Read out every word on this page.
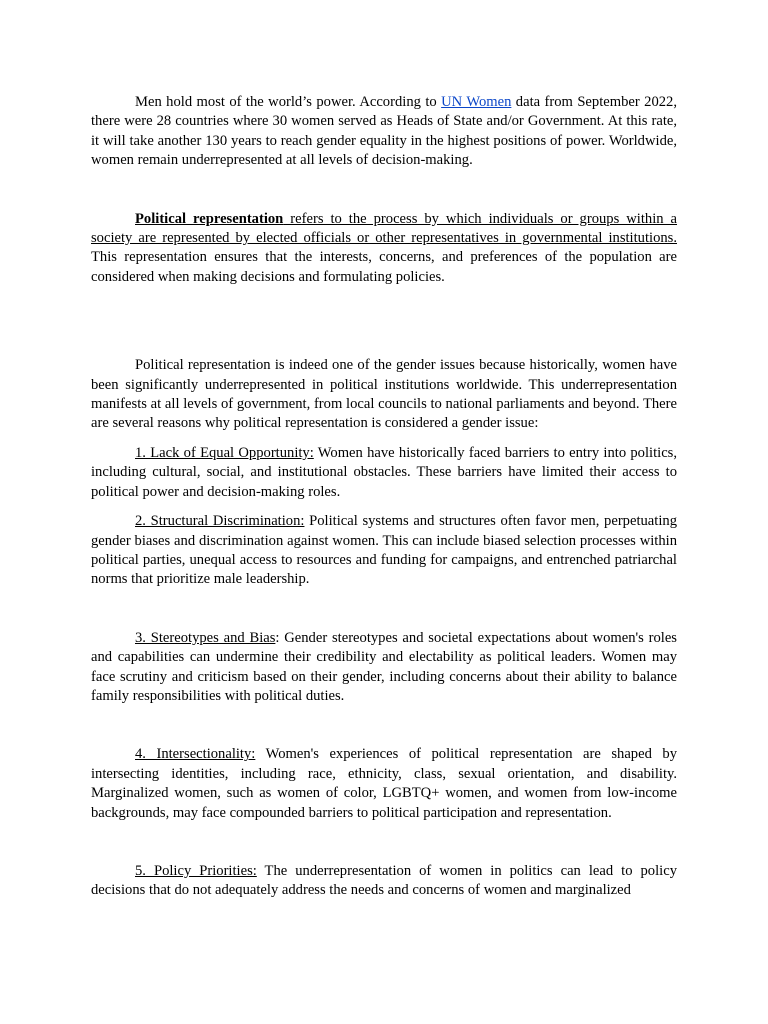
Men hold most of the world’s power. According to UN Women data from September 2022, there were 28 countries where 30 women served as Heads of State and/or Government. At this rate, it will take another 130 years to reach gender equality in the highest positions of power. Worldwide, women remain underrepresented at all levels of decision-making.

Political representation refers to the process by which individuals or groups within a society are represented by elected officials or other representatives in governmental institutions. This representation ensures that the interests, concerns, and preferences of the population are considered when making decisions and formulating policies.

Political representation is indeed one of the gender issues because historically, women have been significantly underrepresented in political institutions worldwide. This underrepresentation manifests at all levels of government, from local councils to national parliaments and beyond. There are several reasons why political representation is considered a gender issue:

1. Lack of Equal Opportunity: Women have historically faced barriers to entry into politics, including cultural, social, and institutional obstacles. These barriers have limited their access to political power and decision-making roles.

2. Structural Discrimination: Political systems and structures often favor men, perpetuating gender biases and discrimination against women. This can include biased selection processes within political parties, unequal access to resources and funding for campaigns, and entrenched patriarchal norms that prioritize male leadership.

3. Stereotypes and Bias: Gender stereotypes and societal expectations about women's roles and capabilities can undermine their credibility and electability as political leaders. Women may face scrutiny and criticism based on their gender, including concerns about their ability to balance family responsibilities with political duties.

4. Intersectionality: Women's experiences of political representation are shaped by intersecting identities, including race, ethnicity, class, sexual orientation, and disability. Marginalized women, such as women of color, LGBTQ+ women, and women from low-income backgrounds, may face compounded barriers to political participation and representation.

5. Policy Priorities: The underrepresentation of women in politics can lead to policy decisions that do not adequately address the needs and concerns of women and marginalized
